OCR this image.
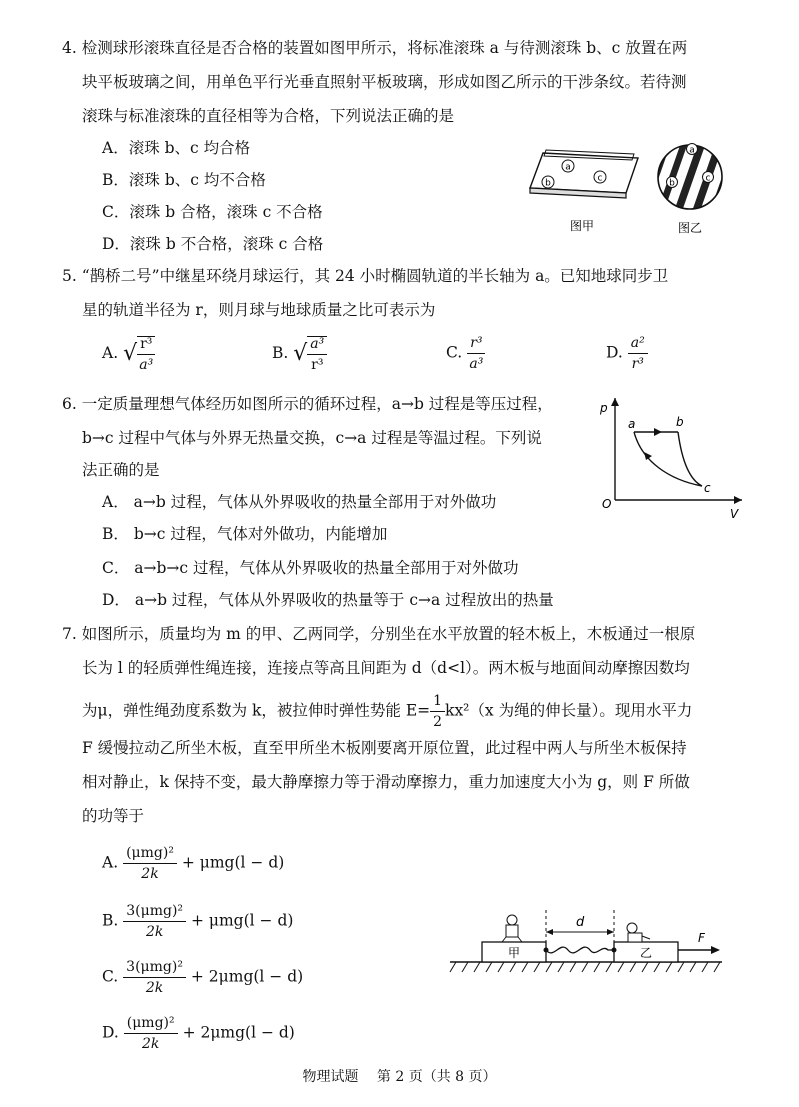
4. 检测球形滚珠直径是否合格的装置如图甲所示，将标准滚珠 a 与待测滚珠 b、c 放置在两
块平板玻璃之间，用单色平行光垂直照射平板玻璃，形成如图乙所示的干涉条纹。若待测
滚珠与标准滚珠的直径相等为合格，下列说法正确的是
A．滚珠 b、c 均合格
B．滚珠 b、c 均不合格
C．滚珠 b 合格，滚珠 c 不合格
D．滚珠 b 不合格，滚珠 c 合格
a
b	c
图甲
a
b	c
图乙
5. “鹊桥二号”中继星环绕月球运行，其 24 小时椭圆轨道的半长轴为 a。已知地球同步卫
星的轨道半径为 r，则月球与地球质量之比可表示为
A. √ $\frac{\text{r³}}{\text{a³}}$	B. √ $\frac{\text{a³}}{\text{r³}}$	C. $\frac{\text{r³}}{\text{a³}}$	D. $\frac{\text{a²}}{\text{r³}}$
6. 一定质量理想气体经历如图所示的循环过程，a→b 过程是等压过程，
b→c 过程中气体与外界无热量交换，c→a 过程是等温过程。下列说
法正确的是
A． a→b 过程，气体从外界吸收的热量全部用于对外做功
B． b→c 过程，气体对外做功，内能增加
C． a→b→c 过程，气体从外界吸收的热量全部用于对外做功
D． a→b 过程，气体从外界吸收的热量等于 c→a 过程放出的热量
p
V
O
a	b
c
7. 如图所示，质量均为 m 的甲、乙两同学，分别坐在水平放置的轻木板上，木板通过一根原
长为 l 的轻质弹性绳连接，连接点等高且间距为 d（d<l）。两木板与地面间动摩擦因数均
为μ，弹性绳劲度系数为 k，被拉伸时弹性势能 $E= \frac{1}{2} kx^2(x$ 为绳的伸长量）。现用水平力
F 缓慢拉动乙所坐木板，直至甲所坐木板刚要离开原位置，此过程中两人与所坐木板保持
相对静止，k 保持不变，最大静摩擦力等于滑动摩擦力，重力加速度大小为 g，则 F 所做
的功等于
A. $\frac{\text{(μmg)²}}{2k} + \mu mg(l - d)$
B. $\frac{\text{3(μmg)²}}{2k} + \mu mg(l - d)$
C. $\frac{\text{3(μmg)²}}{2k} + 2\mu mg(l - d)$
D. $\frac{\text{(μmg)²}}{2k} + 2\mu mg(l - d)$
甲	乙
d
F
物理试题　 第 2 页（共 8 页）
